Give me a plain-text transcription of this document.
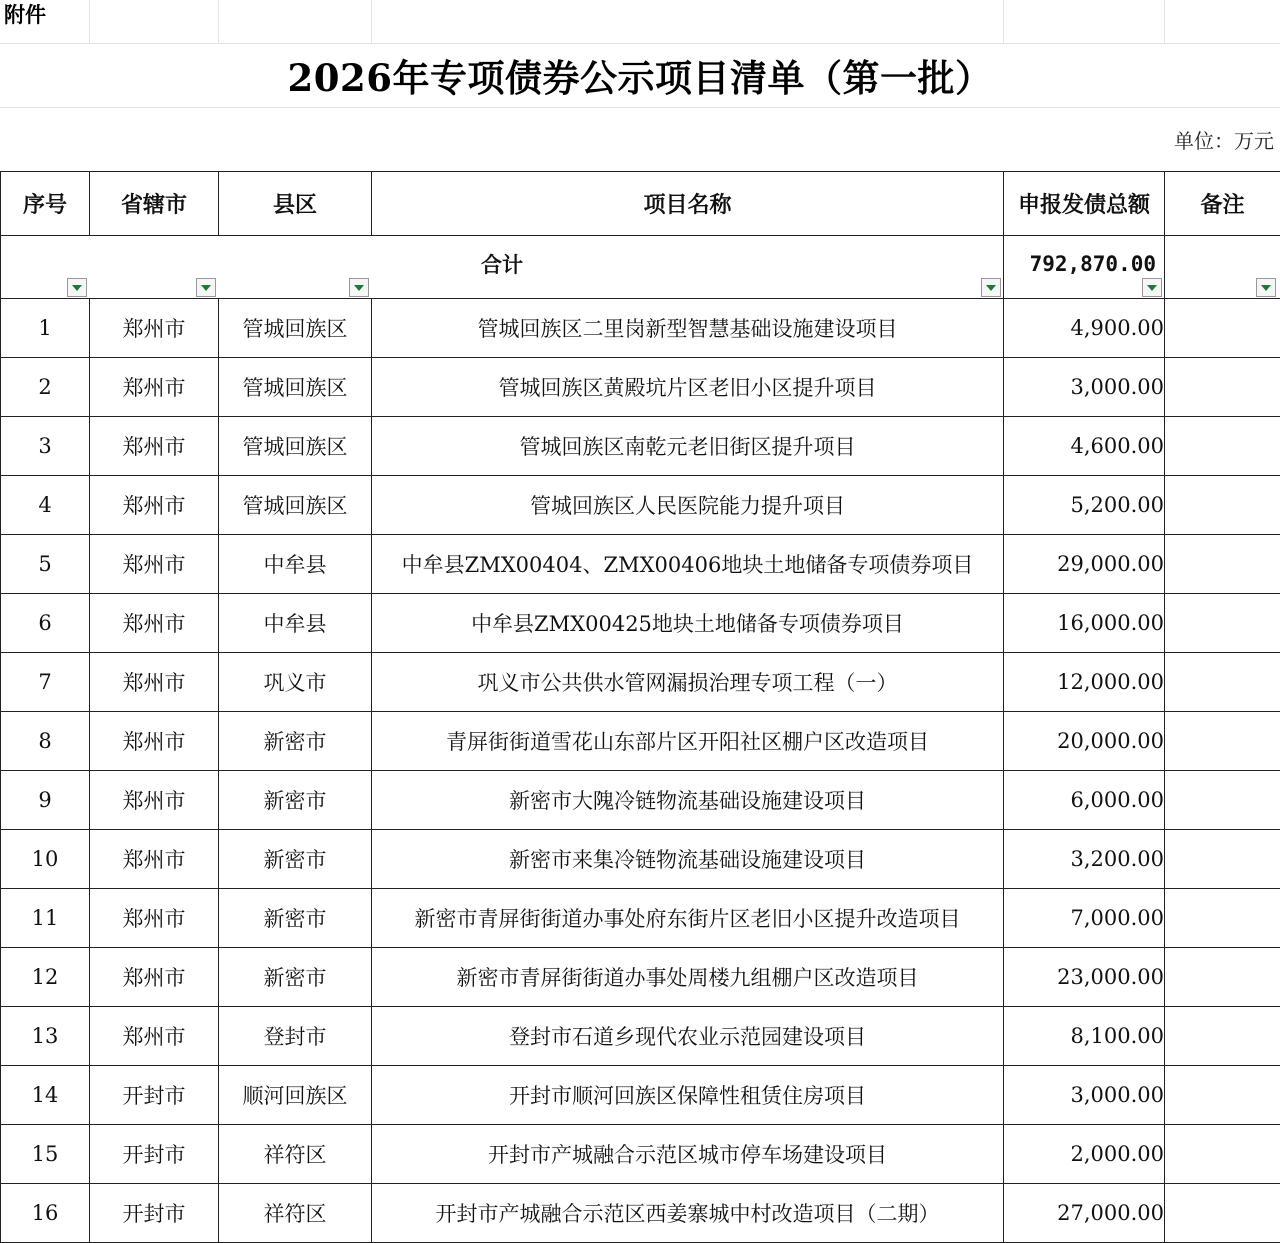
附件
2026年专项债券公示项目清单（第一批）
单位：万元
序号	省辖市	县区	项目名称	申报发债总额	备注

合计				792,870.00	

1	郑州市	管城回族区	管城回族区二里岗新型智慧基础设施建设项目	4,900.00	
2	郑州市	管城回族区	管城回族区黄殿坑片区老旧小区提升项目	3,000.00	
3	郑州市	管城回族区	管城回族区南乾元老旧街区提升项目	4,600.00	
4	郑州市	管城回族区	管城回族区人民医院能力提升项目	5,200.00	
5	郑州市	中牟县	中牟县ZMX00404、ZMX00406地块土地储备专项债券项目	29,000.00	
6	郑州市	中牟县	中牟县ZMX00425地块土地储备专项债券项目	16,000.00	
7	郑州市	巩义市	巩义市公共供水管网漏损治理专项工程（一）	12,000.00	
8	郑州市	新密市	青屏街街道雪花山东部片区开阳社区棚户区改造项目	20,000.00	
9	郑州市	新密市	新密市大隗冷链物流基础设施建设项目	6,000.00	
10	郑州市	新密市	新密市来集冷链物流基础设施建设项目	3,200.00	
11	郑州市	新密市	新密市青屏街街道办事处府东街片区老旧小区提升改造项目	7,000.00	
12	郑州市	新密市	新密市青屏街街道办事处周楼九组棚户区改造项目	23,000.00	
13	郑州市	登封市	登封市石道乡现代农业示范园建设项目	8,100.00	
14	开封市	顺河回族区	开封市顺河回族区保障性租赁住房项目	3,000.00	
15	开封市	祥符区	开封市产城融合示范区城市停车场建设项目	2,000.00	
16	开封市	祥符区	开封市产城融合示范区西姜寨城中村改造项目（二期）	27,000.00	
